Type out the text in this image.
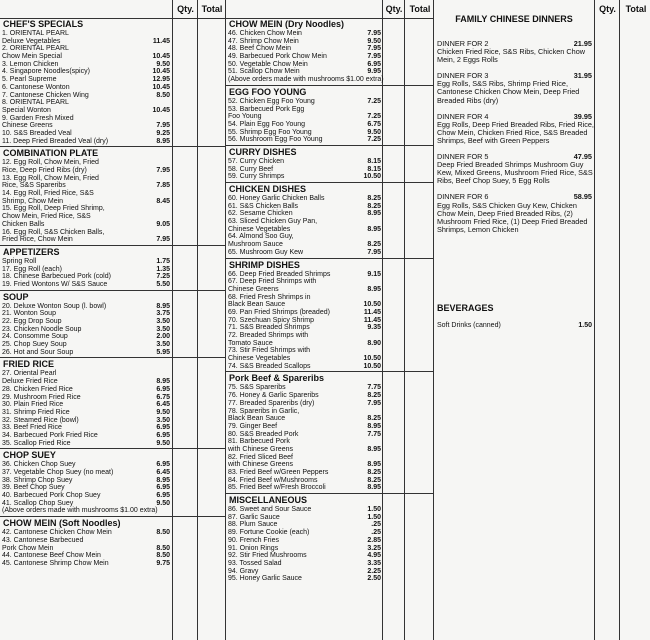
Qty. Total
CHEF'S SPECIALS
1. ORIENTAL PEARL
Deluxe Vegetables	11.45
2. ORIENTAL PEARL
Chow Mein Special	10.45
3. Lemon Chicken	9.50
4. Singapore Noodles(spicy)	10.45
5. Pearl Supreme	12.95
6. Cantonese Wonton	10.45
7. Cantonese Chicken Wing	8.50
8. ORIENTAL PEARL
Special Wonton	10.45
9. Garden Fresh Mixed
Chinese Greens	7.95
10. S&S Breaded Veal	9.25
11. Deep Fried Breaded Veal (dry)	8.95
COMBINATION PLATE
12. Egg Roll, Chow Mein, Fried
Rice, Deep Fried Ribs (dry)	7.95
13. Egg Roll, Chow Mein, Fried
Rice, S&S Spareribs	7.85
14. Egg Roll, Fried Rice, S&S
Shrimp, Chow Mein	8.45
15. Egg Roll, Deep Fried Shrimp,
Chow Mein, Fried Rice, S&S
Chicken Balls	9.05
16. Egg Roll, S&S Chicken Balls,
Fried Rice, Chow Mein	7.95
APPETIZERS
Spring Roll	1.75
17. Egg Roll (each)	1.35
18. Chinese Barbecued Pork (cold)	7.25
19. Fried Wontons W/ S&S Sauce	5.50
SOUP
20. Deluxe Wonton Soup (l. bowl)	8.95
21. Wonton Soup	3.75
22. Egg Drop Soup	3.50
23. Chicken Noodle Soup	3.50
24. Consomme Soup	2.00
25. Chop Suey Soup	3.50
26. Hot and Sour Soup	5.95
FRIED RICE
27. Oriental Pearl
Deluxe Fried Rice	8.95
28. Chicken Fried Rice	6.95
29. Mushroom Fried Rice	6.75
30. Plain Fried Rice	6.45
31. Shrimp Fried Rice	9.50
32. Steamed Rice (bowl)	3.50
33. Beef Fried Rice	6.95
34. Barbecued Pork Fried Rice	6.95
35. Scallop Fried Rice	9.50
CHOP SUEY
36. Chicken Chop Suey	6.95
37. Vegetable Chop Suey (no meat)	6.45
38. Shrimp Chop Suey	8.95
39. Beef Chop Suey	6.95
40. Barbecued Pork Chop Suey	6.95
41. Scallop Chop Suey	9.50
(Above orders made with mushrooms $1.00 extra)
CHOW MEIN (Soft Noodles)
42. Cantonese Chicken Chow Mein	8.50
43. Cantonese Barbecued
Pork Chow Mein	8.50
44. Cantonese Beef Chow Mein	8.50
45. Cantonese Shrimp Chow Mein	9.75
Qty. Total
CHOW MEIN (Dry Noodles)
46. Chicken Chow Mein	7.95
47. Shrimp Chow Mein	9.50
48. Beef Chow Mein	7.95
49. Barbecued Pork Chow Mein	7.95
50. Vegetable Chow Mein	6.95
51. Scallop Chow Mein	9.95
(Above orders made with mushrooms $1.00 extra)
EGG FOO YOUNG
52. Chicken Egg Foo Young	7.25
53. Barbecued Pork Egg
Foo Young	7.25
54. Plain Egg Foo Young	6.75
55. Shrimp Egg Foo Young	9.50
56. Mushroom Egg Foo Young	7.25
CURRY DISHES
57. Curry Chicken	8.15
58. Curry Beef	8.15
59. Curry Shrimps	10.50
CHICKEN DISHES
60. Honey Garlic Chicken Balls	8.25
61. S&S Chicken Balls	8.25
62. Sesame Chicken	8.95
63. Sliced Chicken Guy Pan,
Chinese Vegetables	8.95
64. Almond Soo Guy,
Mushroom Sauce	8.25
65. Mushroom Guy Kew	7.95
SHRIMP DISHES
66. Deep Fried Breaded Shrimps	9.15
67. Deep Fried Shrimps with
Chinese Greens	8.95
68. Fried Fresh Shrimps in
Black Bean Sauce	10.50
69. Pan Fried Shrimps (breaded)	11.45
70. Szechuan Spicy Shrimp	11.45
71. S&S Breaded Shrimps	9.35
72. Breaded Shrimps with
Tomato Sauce	8.90
73. Stir Fried Shrimps with
Chinese Vegetables	10.50
74. S&S Breaded Scallops	10.50
Pork Beef & Spareribs
75. S&S Spareribs	7.75
76. Honey & Garlic Spareribs	8.25
77. Breaded Spareribs (dry)	7.95
78. Spareribs in Garlic,
Black Bean Sauce	8.25
79. Ginger Beef	8.95
80. S&S Breaded Pork	7.75
81. Barbecued Pork
with Chinese Greens	8.95
82. Fried Sliced Beef
with Chinese Greens	8.95
83. Fried Beef w/Green Peppers	8.25
84. Fried Beef w/Mushrooms	8.25
85. Fried Beef w/Fresh Broccoli	8.95
MISCELLANEOUS
86. Sweet and Sour Sauce	1.50
87. Garlic Sauce	1.50
88. Plum Sauce	.25
89. Fortune Cookie (each)	.25
90. French Fries	2.85
91. Onion Rings	3.25
92. Stir Fried Mushrooms	4.95
93. Tossed Salad	3.35
94. Gravy	2.25
95. Honey Garlic Sauce	2.50
Qty.	Total
FAMILY CHINESE DINNERS
DINNER FOR 2	21.95
Chicken Fried Rice, S&S Ribs, Chicken Chow Mein, 2 Eggs Rolls
DINNER FOR 3	31.95
Egg Rolls, S&S Ribs, Shrimp Fried Rice, Cantonese Chicken Chow Mein, Deep Fried Breaded Ribs (dry)
DINNER FOR 4	39.95
Egg Rolls, Deep Fried Breaded Ribs, Fried Rice, Chow Mein, Chicken Fried Rice, S&S Breaded Shrimps, Beef with Green Peppers
DINNER FOR 5	47.95
Deep Fried Breaded Shrimps Mushroom Guy Kew, Mixed Greens, Mushroom Fried Rice, S&S Ribs, Beef Chop Suey, 5 Egg Rolls
DINNER FOR 6	58.95
Egg Rolls, S&S Chicken Guy Kew, Chicken Chow Mein, Deep Fried Breaded Ribs, (2) Mushroom Fried Rice, (1) Deep Fried Breaded Shrimps, Lemon Chicken
BEVERAGES
Soft Drinks (canned)	1.50
